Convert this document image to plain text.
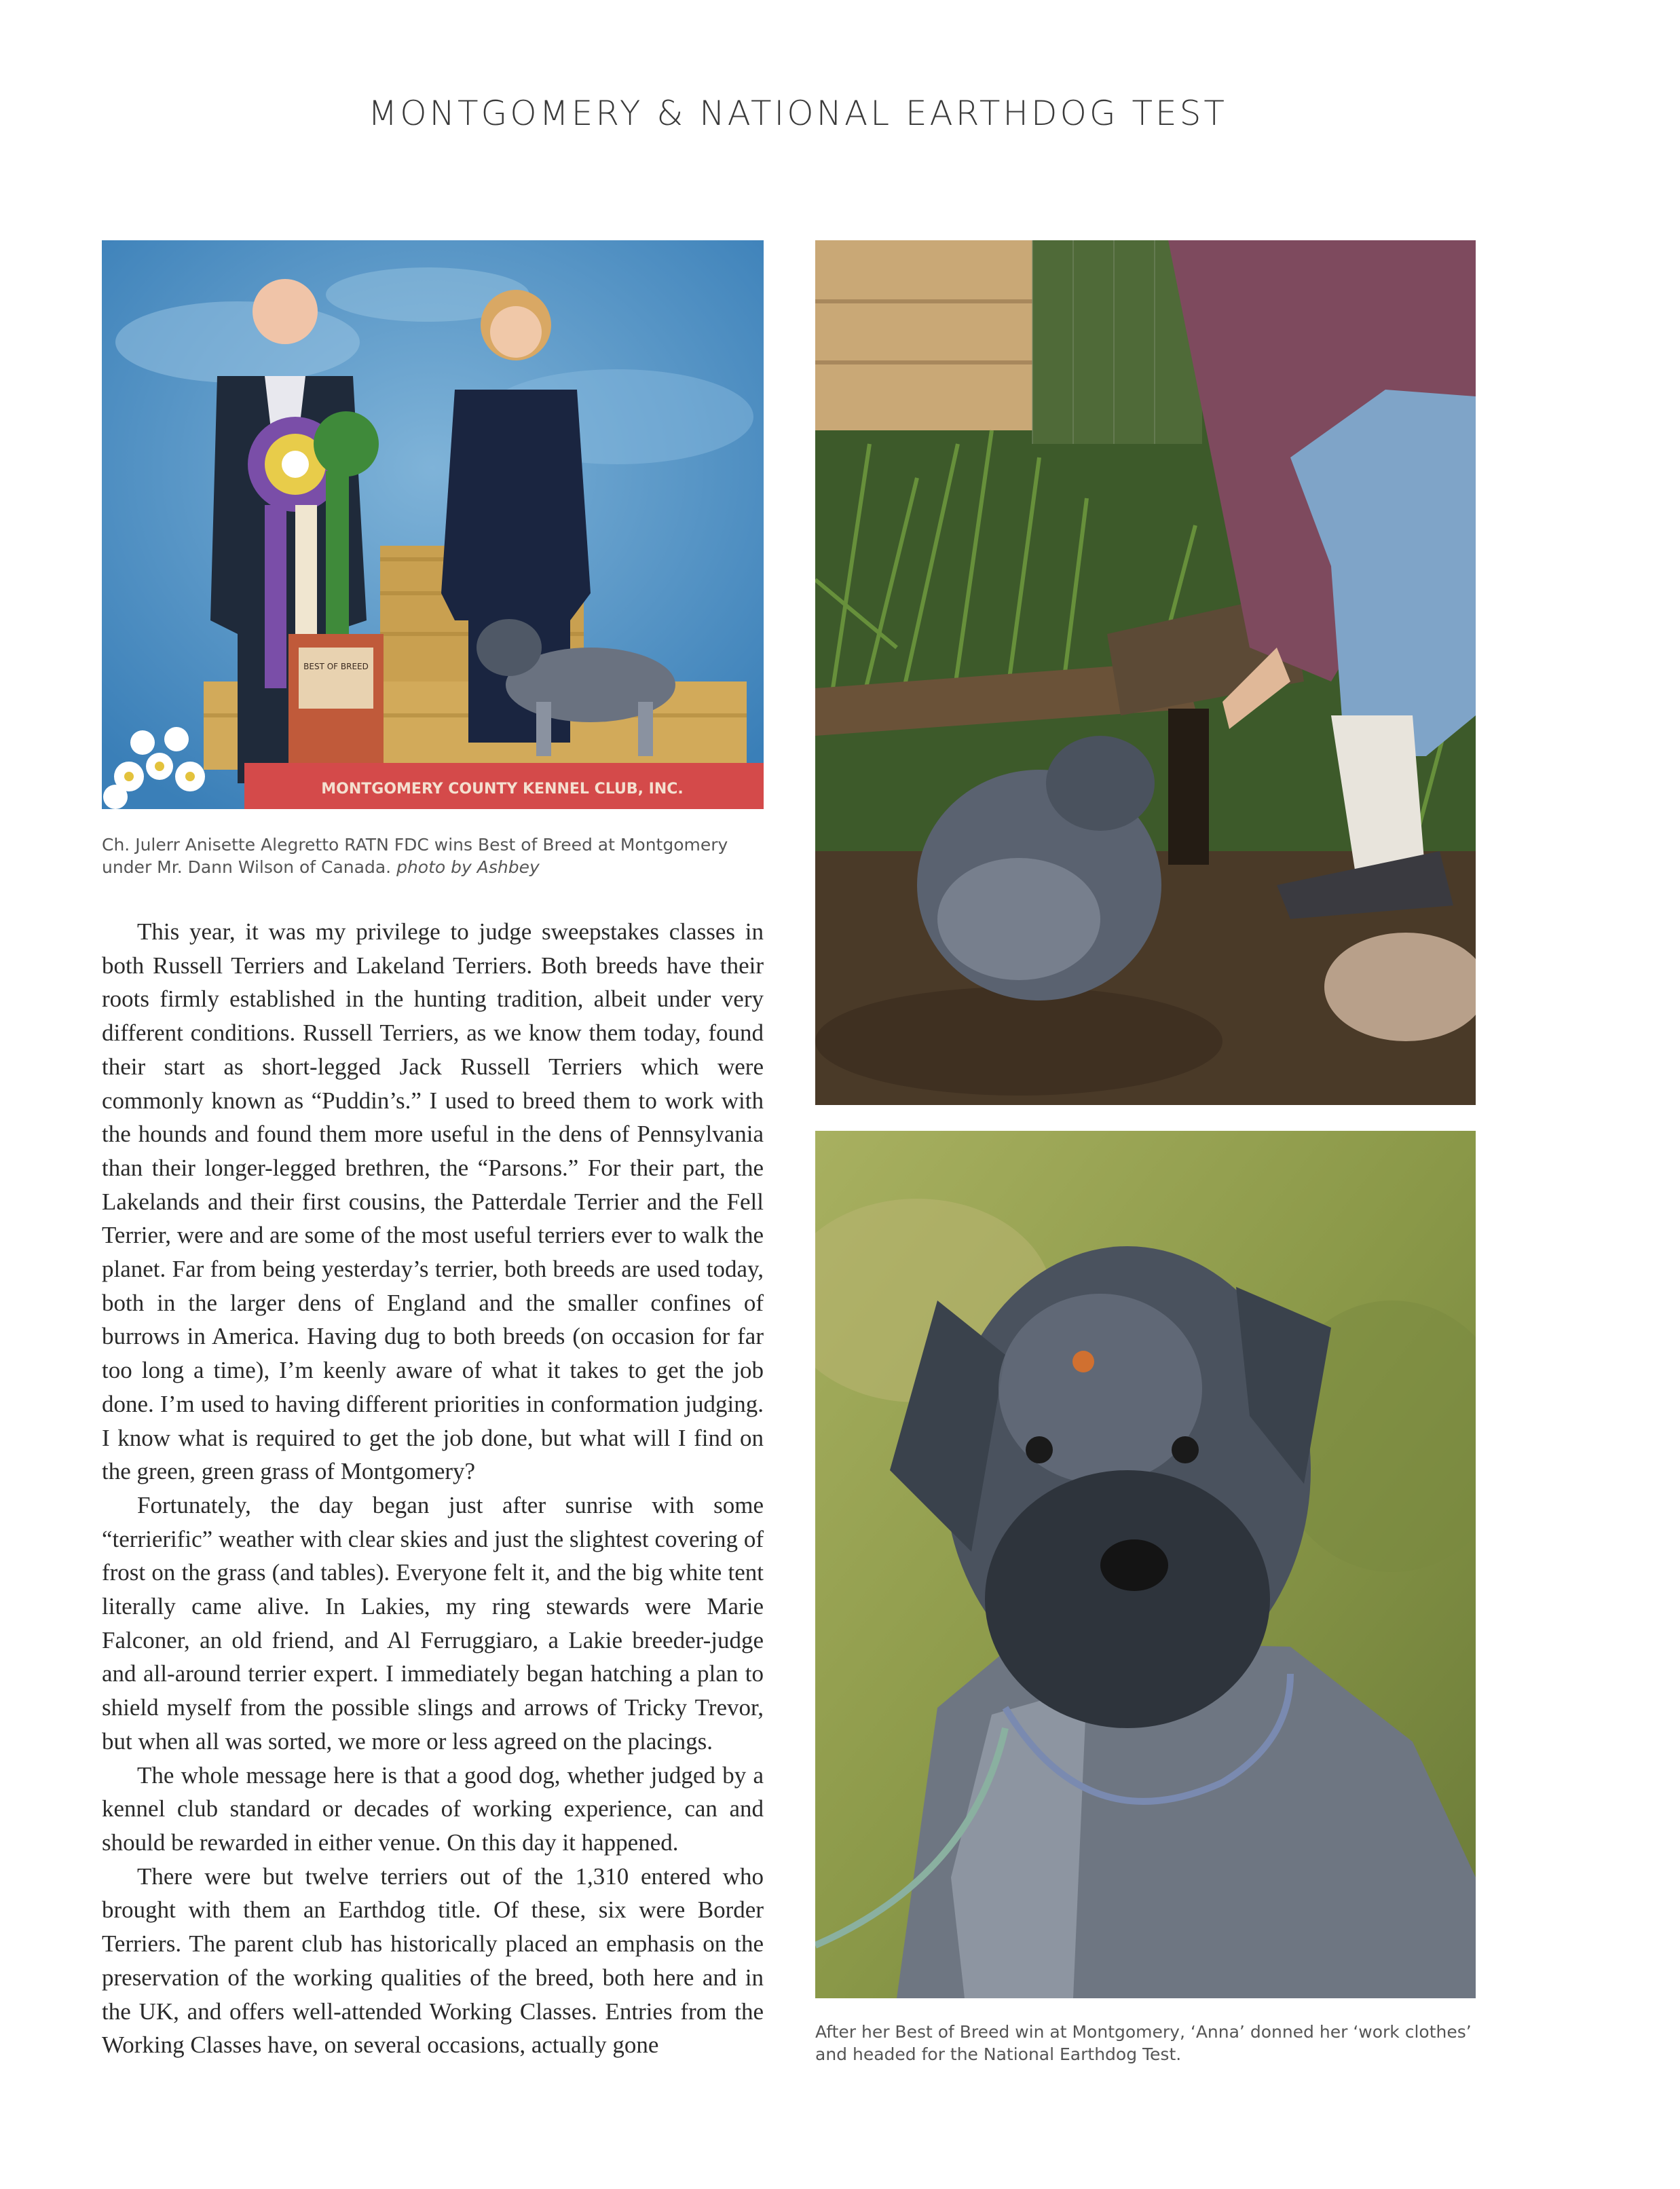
MONTGOMERY & NATIONAL EARTHDOG TEST
BEST OF BREED
MONTGOMERY COUNTY KENNEL CLUB, INC.
Ch. Julerr Anisette Alegretto RATN FDC wins Best of Breed at Montgomery under Mr. Dann Wilson of Canada. photo by Ashbey
After her Best of Breed win at Montgomery, ‘Anna’ donned her ‘work clothes’ and headed for the National Earthdog Test.

This year, it was my privilege to judge sweepstakes classes in both Russell Terriers and Lakeland Terriers. Both breeds have their roots firmly established in the hunting tradition, albeit under very different conditions. Russell Terriers, as we know them today, found their start as short-legged Jack Russell Terriers which were commonly known as “Puddin’s.” I used to breed them to work with the hounds and found them more useful in the dens of Pennsylvania than their longer-legged brethren, the “Parsons.” For their part, the Lakelands and their first cousins, the Patterdale Terrier and the Fell Terrier, were and are some of the most useful terriers ever to walk the planet. Far from being yesterday’s terrier, both breeds are used today, both in the larger dens of England and the smaller confines of burrows in America. Having dug to both breeds (on occasion for far too long a time), I’m keenly aware of what it takes to get the job done. I’m used to having different priorities in conformation judging. I know what is required to get the job done, but what will I find on the green, green grass of Montgomery?

Fortunately, the day began just after sunrise with some “terrierific” weather with clear skies and just the slightest covering of frost on the grass (and tables). Everyone felt it, and the big white tent literally came alive. In Lakies, my ring stewards were Marie Falconer, an old friend, and Al Ferruggiaro, a Lakie breeder-judge and all-around terrier expert. I immediately began hatching a plan to shield myself from the possible slings and arrows of Tricky Trevor, but when all was sorted, we more or less agreed on the placings.

The whole message here is that a good dog, whether judged by a kennel club standard or decades of working experience, can and should be rewarded in either venue. On this day it happened.

There were but twelve terriers out of the 1,310 entered who brought with them an Earthdog title. Of these, six were Border Terriers. The parent club has historically placed an emphasis on the preservation of the working qualities of the breed, both here and in the UK, and offers well-attended Working Classes. Entries from the Working Classes have, on several occasions, actually gone
